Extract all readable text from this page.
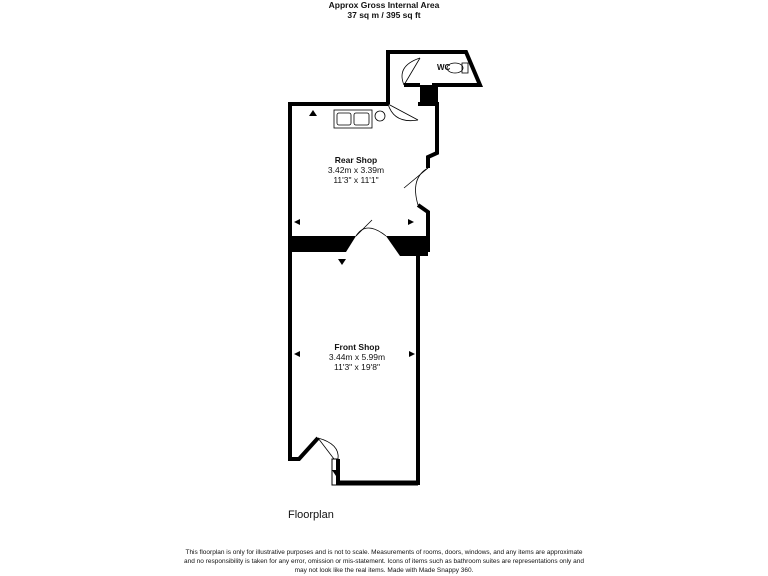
Approx Gross Internal Area
37 sq m / 395 sq ft
Rear Shop
3.42m x 3.39m
11'3" x 11'1"
Front Shop
3.44m x 5.99m
11'3" x 19'8"
WC
Floorplan
This floorplan is only for illustrative purposes and is not to scale. Measurements of rooms, doors, windows, and any items are approximate
and no responsibility is taken for any error, omission or mis-statement. Icons of items such as bathroom suites are representations only and
may not look like the real items. Made with Made Snappy 360.
